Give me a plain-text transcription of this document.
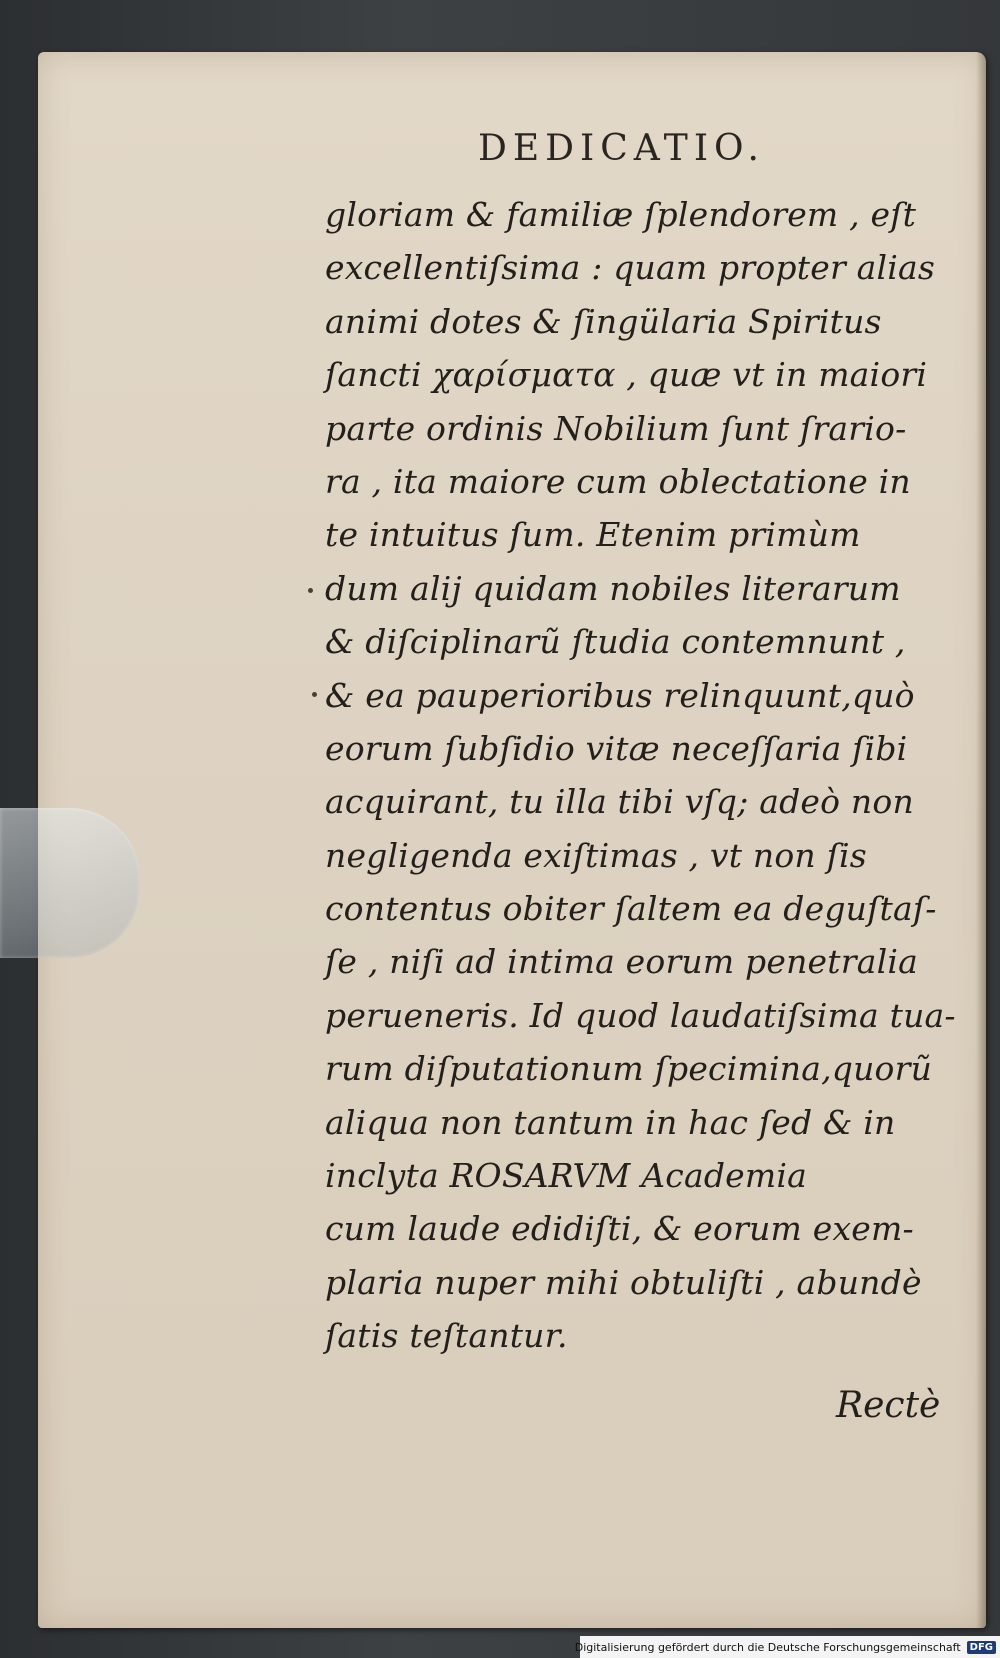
DEDICATIO.
gloriam & familiæ ſplendorem , eſt
excellentiſsima : quam propter alias
animi dotes & ſingülaria Spiritus
ſancti χαρίσματα , quæ vt in maiori
parte ordinis Nobilium ſunt ſrario-
ra , ita maiore cum oblectatione in
te intuitus ſum. Etenim primùm
dum alij quidam nobiles literarum
& diſciplinarũ ſtudia contemnunt ,
& ea pauperioribus relinquunt,quò
eorum ſubſidio vitæ neceſſaria ſibi
acquirant, tu illa tibi vſq; adeò non
negligenda exiſtimas , vt non ſis
contentus obiter ſaltem ea deguſtaſ-
ſe , niſi ad intima eorum penetralia
perueneris. Id quod laudatiſsima tua-
rum diſputationum ſpecimina,quorũ
aliqua non tantum in hac ſed & in
inclyta ROSARVM Academia
cum laude edidiſti, & eorum exem-
plaria nuper mihi obtuliſti , abundè
ſatis teſtantur.
Rectè
Digitalisierung gefördert durch die Deutsche Forschungsgemeinschaft DFG
